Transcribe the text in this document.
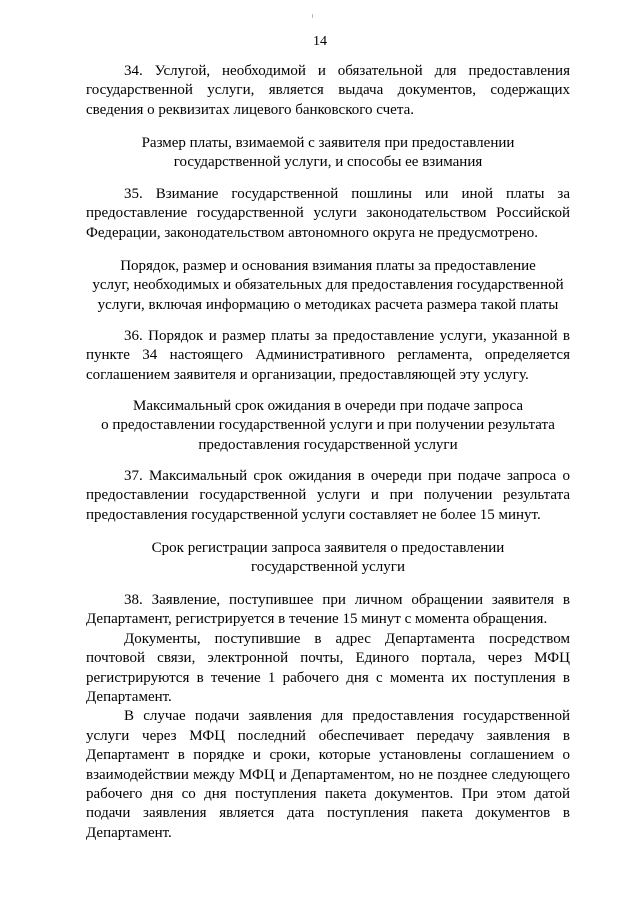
14

34. Услугой, необходимой и обязательной для предоставления государственной услуги, является выдача документов, содержащих сведения о реквизитах лицевого банковского счета.

Размер платы, взимаемой с заявителя при предоставлении

государственной услуги, и способы ее взимания

35. Взимание государственной пошлины или иной платы за предоставление государственной услуги законодательством Российской Федерации, законодательством автономного округа не предусмотрено.

Порядок, размер и основания взимания платы за предоставление

услуг, необходимых и обязательных для предоставления государственной

услуги, включая информацию о методиках расчета размера такой платы

36. Порядок и размер платы за предоставление услуги, указанной в пункте 34 настоящего Административного регламента, определяется соглашением заявителя и организации, предоставляющей эту услугу.

Максимальный срок ожидания в очереди при подаче запроса

о предоставлении государственной услуги и при получении результата

предоставления государственной услуги

37. Максимальный срок ожидания в очереди при подаче запроса о предоставлении государственной услуги и при получении результата предоставления государственной услуги составляет не более 15 минут.

Срок регистрации запроса заявителя о предоставлении

государственной услуги

38. Заявление, поступившее при личном обращении заявителя в Департамент, регистрируется в течение 15 минут с момента обращения.

Документы, поступившие в адрес Департамента посредством почтовой связи, электронной почты, Единого портала, через МФЦ регистрируются в течение 1 рабочего дня с момента их поступления в Департамент.

В случае подачи заявления для предоставления государственной услуги через МФЦ последний обеспечивает передачу заявления в Департамент в порядке и сроки, которые установлены соглашением о взаимодействии между МФЦ и Департаментом, но не позднее следующего рабочего дня со дня поступления пакета документов. При этом датой подачи заявления является дата поступления пакета документов в Департамент.
